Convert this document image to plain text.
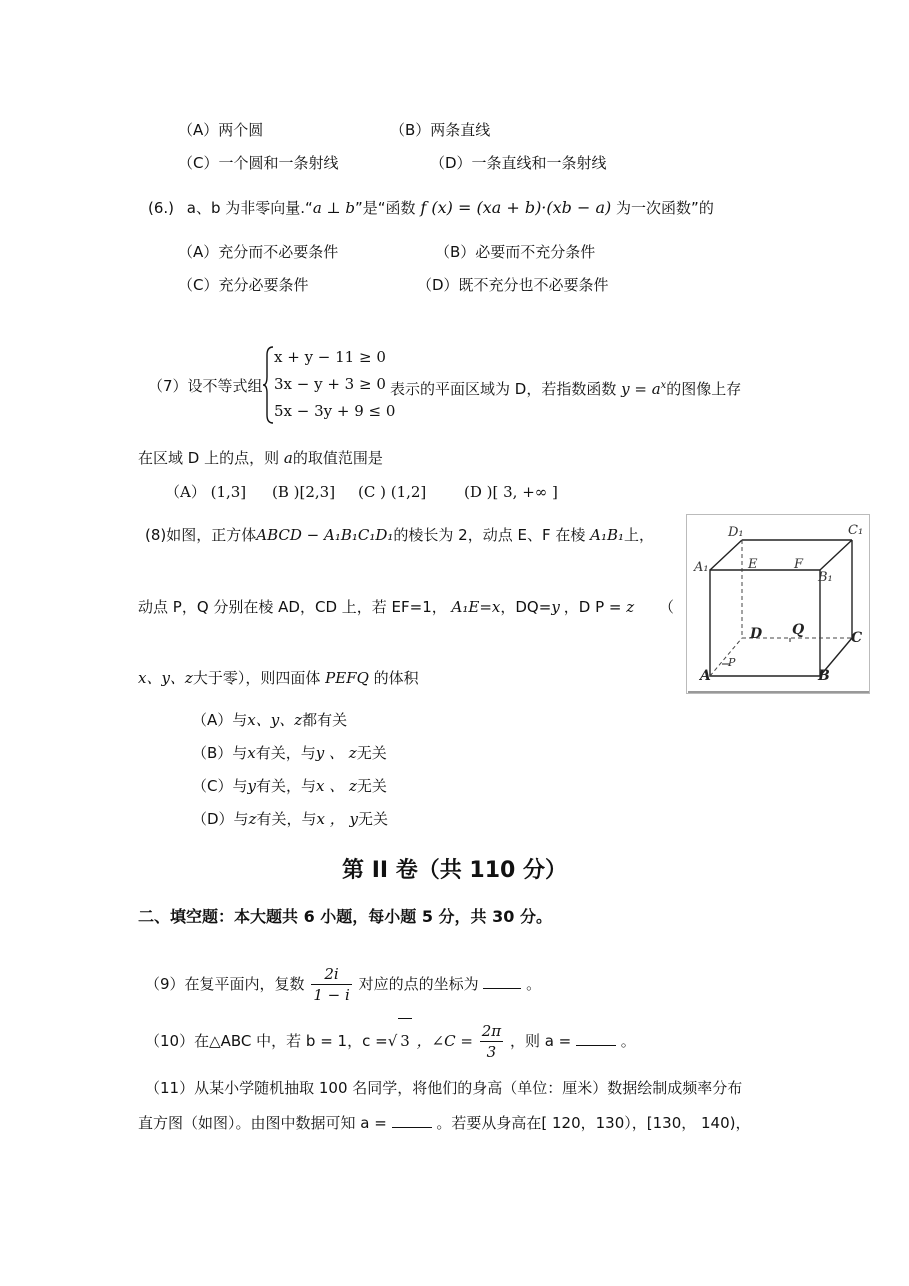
（A）两个圆	（B）两条直线
（C）一个圆和一条射线	（D）一条直线和一条射线
(6.) a、b 为非零向量.“a ⊥ b”是“函数 f (x) = (xa + b)·(xb − a) 为一次函数”的
（A）充分而不必要条件	（B）必要而不充分条件
（C）充分必要条件	（D）既不充分也不必要条件
（7）设不等式组
x + y − 11 ≥ 0
3x − y + 3 ≥ 0
5x − 3y + 9 ≤ 0
表示的平面区域为 D，若指数函数 $y = a^x$的图像上存
在区域 D 上的点，则 a的取值范围是
（A） (1,3] (B )[2,3] (C ) (1,2]	(D )[ 3, +∞ ]
(8)如图，正方体ABCD − A₁B₁C₁D₁的棱长为 2，动点 E、F 在棱 A₁B₁上，
动点 P，Q 分别在棱 AD，CD 上，若 EF=1， A₁E=x，DQ=y ，D P = z （
x、y、z大于零），则四面体 PEFQ 的体积
（A）与x、y、z都有关
（B）与x有关，与y 、 z无关
（C）与y有关，与x 、 z无关
（D）与z有关，与x ， y无关
D₁	C₁
A₁	E	F
B₁
D Q	C
A	B
P
第 II 卷（共 110 分）
二、填空题：本大题共 6 小题，每小题 5 分，共 30 分。
（9）在复平面内，复数 $\frac{2i}{1 - i}$ 对应的点的坐标为	。
（10）在△ABC 中，若 b = 1，c =√ 3 ，∠C = $\frac{2\pi}{3}$ ，则 a =	。
（11）从某小学随机抽取 100 名同学，将他们的身高（单位：厘米）数据绘制成频率分布
直方图（如图）。由图中数据可知 a =	。若要从身高在[ 120，130），[130， 140)，
